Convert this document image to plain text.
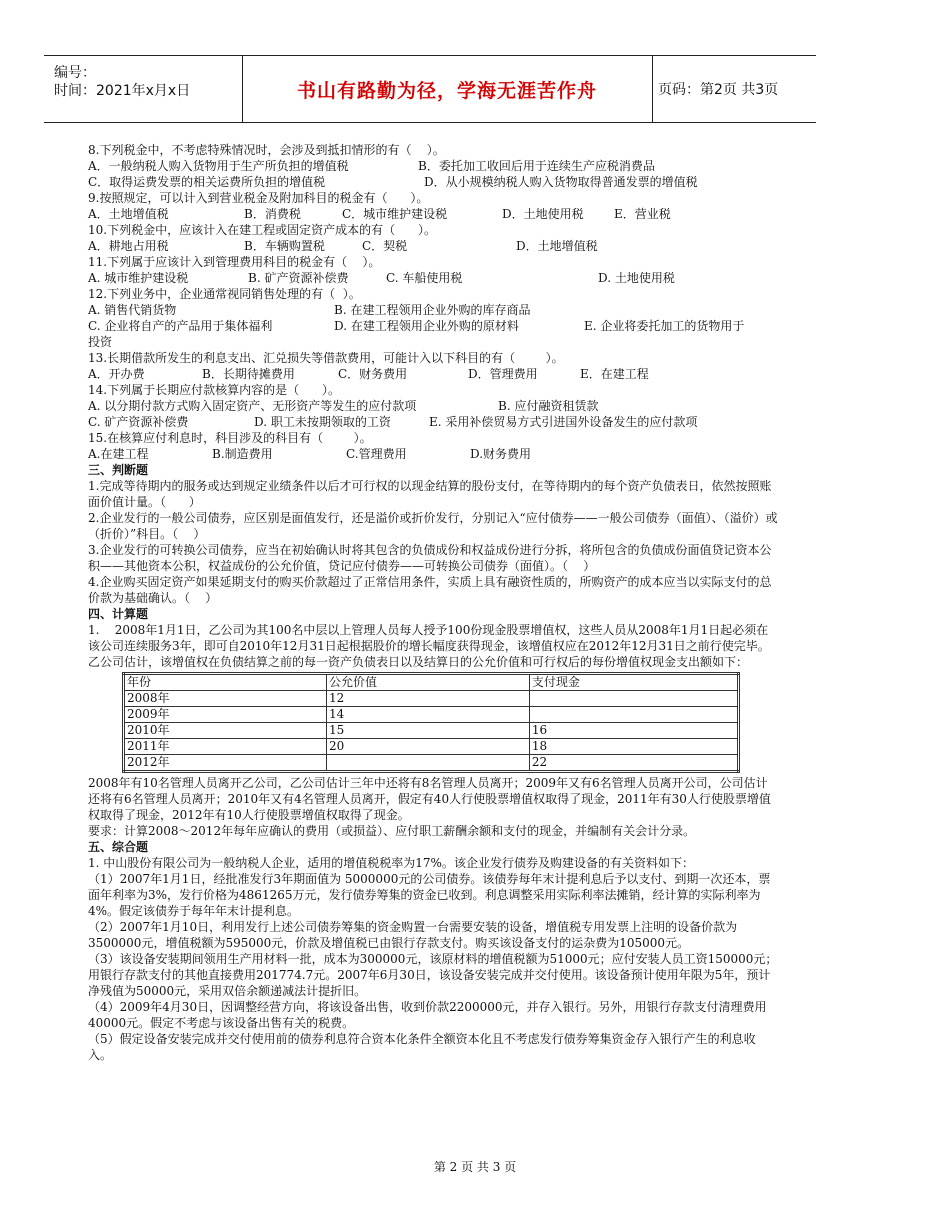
编号：
时间：2021年x月x日	书山有路勤为径，学海无涯苦作舟	页码：第2页 共3页

8.下列税金中，不考虑特殊情况时，会涉及到抵扣情形的有（    ）。

A．一般纳税人购入货物用于生产所负担的增值税	B．委托加工收回后用于连续生产应税消费品
C．取得运费发票的相关运费所负担的增值税	D．从小规模纳税人购入货物取得普通发票的增值税

9.按照规定，可以计入到营业税金及附加科目的税金有（      ）。

A．土地增值税	B．消费税	C．城市维护建设税	D．土地使用税	E．营业税

10.下列税金中，应该计入在建工程或固定资产成本的有（      ）。

A．耕地占用税	B．车辆购置税	C．契税	D．土地增值税

11.下列属于应该计入到管理费用科目的税金有（    ）。

A. 城市维护建设税	B. 矿产资源补偿费	C. 车船使用税	D. 土地使用税

12.下列业务中，企业通常视同销售处理的有（  ）。

A. 销售代销货物	B. 在建工程领用企业外购的库存商品
C. 企业将自产的产品用于集体福利	D. 在建工程领用企业外购的原材料	E. 企业将委托加工的货物用于

投资

13.长期借款所发生的利息支出、汇兑损失等借款费用，可能计入以下科目的有（        ）。

A．开办费	B．长期待摊费用	C．财务费用	D．管理费用	E．在建工程

14.下列属于长期应付款核算内容的是（      ）。

A. 以分期付款方式购入固定资产、无形资产等发生的应付款项	B. 应付融资租赁款
C. 矿产资源补偿费	D. 职工未按期领取的工资	E. 采用补偿贸易方式引进国外设备发生的应付款项

15.在核算应付利息时，科目涉及的科目有（        ）。

A.在建工程	B.制造费用	C.管理费用	D.财务费用

三、判断题

1.完成等待期内的服务或达到规定业绩条件以后才可行权的以现金结算的股份支付，在等待期内的每个资产负债表日，依然按照账面价值计量。（      ）

2.企业发行的一般公司债券，应区别是面值发行，还是溢价或折价发行，分别记入“应付债券——一般公司债券（面值）、（溢价）或（折价）”科目。（    ）

3.企业发行的可转换公司债券，应当在初始确认时将其包含的负债成份和权益成份进行分拆，将所包含的负债成份面值贷记资本公积——其他资本公积，权益成份的公允价值，贷记应付债券——可转换公司债券（面值）。（    ）

4.企业购买固定资产如果延期支付的购买价款超过了正常信用条件，实质上具有融资性质的，所购资产的成本应当以实际支付的总价款为基础确认。（    ）

四、计算题

1.    2008年1月1日，乙公司为其100名中层以上管理人员每人授予100份现金股票增值权，这些人员从2008年1月1日起必须在该公司连续服务3年，即可自2010年12月31日起根据股价的增长幅度获得现金，该增值权应在2012年12月31日之前行使完毕。乙公司估计，该增值权在负债结算之前的每一资产负债表日以及结算日的公允价值和可行权后的每份增值权现金支出额如下：

年份	公允价值	支付现金
2008年	12	
2009年	14	
2010年	15	16
2011年	20	18
2012年		22

2008年有10名管理人员离开乙公司，乙公司估计三年中还将有8名管理人员离开；2009年又有6名管理人员离开公司，公司估计还将有6名管理人员离开；2010年又有4名管理人员离开，假定有40人行使股票增值权取得了现金，2011年有30人行使股票增值权取得了现金，2012年有10人行使股票增值权取得了现金。

要求：计算2008～2012年每年应确认的费用（或损益）、应付职工薪酬余额和支付的现金，并编制有关会计分录。

五、综合题

1. 中山股份有限公司为一般纳税人企业，适用的增值税税率为17%。该企业发行债券及购建设备的有关资料如下：

（1）2007年1月1日，经批准发行3年期面值为 5000000元的公司债券。该债券每年末计提利息后予以支付、到期一次还本，票面年利率为3%，发行价格为4861265万元，发行债券筹集的资金已收到。利息调整采用实际利率法摊销，经计算的实际利率为4%。假定该债券于每年年末计提利息。

（2）2007年1月10日，利用发行上述公司债券筹集的资金购置一台需要安装的设备，增值税专用发票上注明的设备价款为3500000元，增值税额为595000元，价款及增值税已由银行存款支付。购买该设备支付的运杂费为105000元。

（3）该设备安装期间领用生产用材料一批，成本为300000元，该原材料的增值税额为51000元；应付安装人员工资150000元；用银行存款支付的其他直接费用201774.7元。2007年6月30日，该设备安装完成并交付使用。该设备预计使用年限为5年，预计净残值为50000元，采用双倍余额递减法计提折旧。

（4）2009年4月30日，因调整经营方向，将该设备出售，收到价款2200000元，并存入银行。另外，用银行存款支付清理费用40000元。假定不考虑与该设备出售有关的税费。

（5）假定设备安装完成并交付使用前的债券利息符合资本化条件全额资本化且不考虑发行债券筹集资金存入银行产生的利息收入。

第 2 页 共 3 页
